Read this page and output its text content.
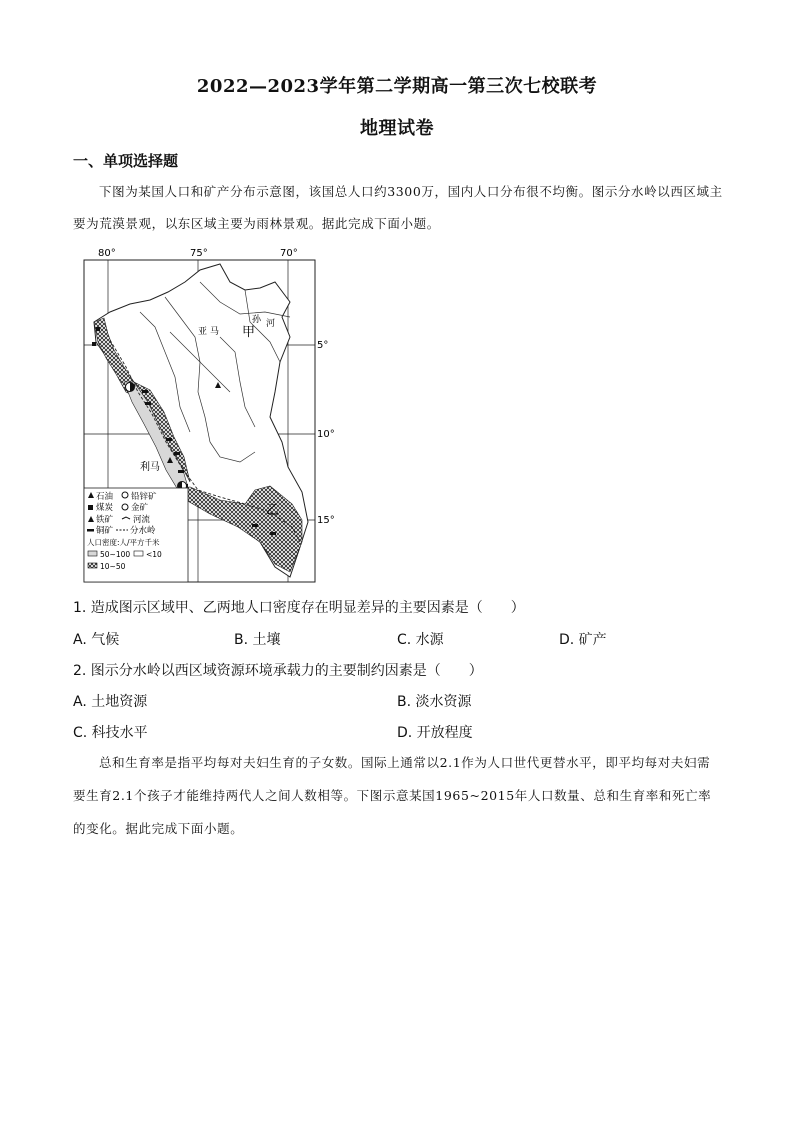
2022—2023学年第二学期高一第三次七校联考
地理试卷
一、单项选择题
下图为某国人口和矿产分布示意图，该国总人口约3300万，国内人口分布很不均衡。图示分水岭以西区域主要为荒漠景观，以东区域主要为雨林景观。据此完成下面小题。
80°	75°	70°
5°
10°
15°
甲
乙
利马
亚 马
孙 河
石油 铅锌矿
煤炭 金矿
铁矿 河流
铜矿 分水岭
人口密度:人/平方千米
50~100 <10
10~50
1. 造成图示区域甲、乙两地人口密度存在明显差异的主要因素是（　　）
A. 气候	B. 土壤	C. 水源	D. 矿产
2. 图示分水岭以西区域资源环境承载力的主要制约因素是（　　）
A. 土地资源	B. 淡水资源
C. 科技水平	D. 开放程度
总和生育率是指平均每对夫妇生育的子女数。国际上通常以2.1作为人口世代更替水平，即平均每对夫妇需要生育2.1个孩子才能维持两代人之间人数相等。下图示意某国1965~2015年人口数量、总和生育率和死亡率的变化。据此完成下面小题。
